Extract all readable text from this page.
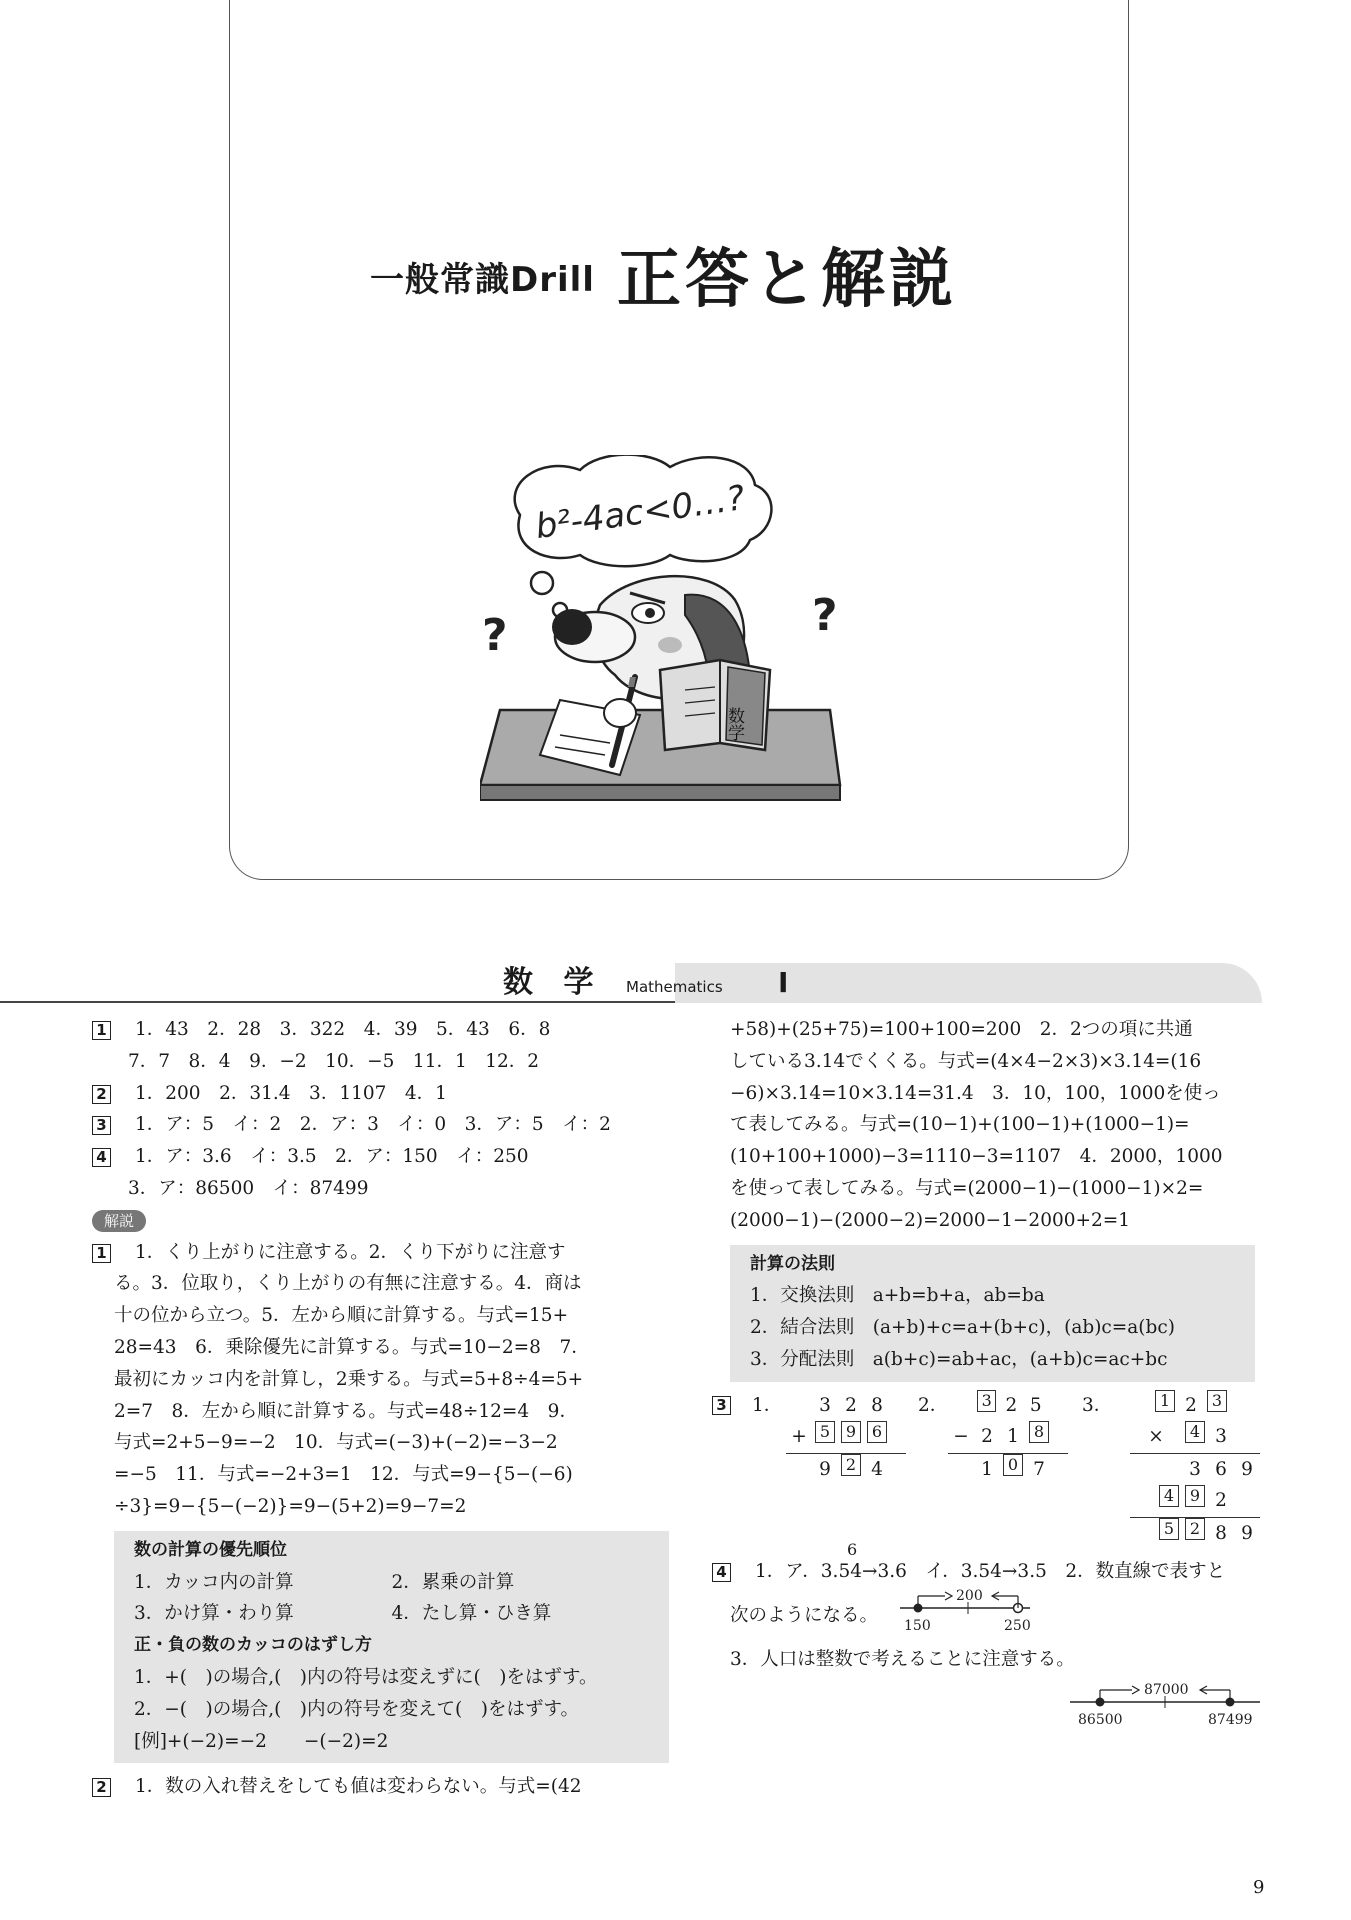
一般常識Drill 正答と解説
b²-4ac<0…?
数学
?	?
数 学 Mathematics Ⅰ
1 1．43　2．28　3．322　4．39　5．43　6．8
7．7　8．4　9．−2　10．−5　11．1　12．2
2 1．200　2．31.4　3．1107　4．1
3 1．ア：5　イ：2　2．ア：3　イ：0　3．ア：5　イ：2
4 1．ア：3.6　イ：3.5　2．ア：150　イ：250
3．ア：86500　イ：87499
解説
1 1．くり上がりに注意する。2．くり下がりに注意す
る。3．位取り，くり上がりの有無に注意する。4．商は
十の位から立つ。5．左から順に計算する。与式=15+
28=43　6．乗除優先に計算する。与式=10−2=8　7．
最初にカッコ内を計算し，2乗する。与式=5+8÷4=5+
2=7　8．左から順に計算する。与式=48÷12=4　9．
与式=2+5−9=−2　10．与式=(−3)+(−2)=−3−2
=−5　11．与式=−2+3=1　12．与式=9−{5−(−6)
÷3}=9−{5−(−2)}=9−(5+2)=9−7=2
数の計算の優先順位
1．カッコ内の計算	2．累乗の計算
3．かけ算・わり算	4．たし算・ひき算
正・負の数のカッコのはずし方
1．+(　)の場合,(　)内の符号は変えずに(　)をはずす。
2．−(　)の場合,(　)内の符号を変えて(　)をはずす。
[例]+(−2)=−2　　−(−2)=2
2 1．数の入れ替えをしても値は変わらない。与式=(42
+58)+(25+75)=100+100=200　2．2つの項に共通
している3.14でくくる。与式=(4×4−2×3)×3.14=(16
−6)×3.14=10×3.14=31.4　3．10，100，1000を使っ
て表してみる。与式=(10−1)+(100−1)+(1000−1)=
(10+100+1000)−3=1110−3=1107　4．2000，1000
を使って表してみる。与式=(2000−1)−(1000−1)×2=
(2000−1)−(2000−2)=2000−1−2000+2=1
計算の法則
1．交換法則　a+b=b+a，ab=ba
2．結合法則　(a+b)+c=a+(b+c)，(ab)c=a(bc)
3．分配法則　a(b+c)=ab+ac，(a+b)c=ac+bc
3 1．	3 2 8
+ 5 9 6
9 2 4
2．	3 2 5
− 2 1 8
1 0 7
3．	1 2 3
×	4 3
3 6 9
4 9 2
5 2 8 9
6
4 1．ア．3.54→3.6　イ．3.54→3.5　2．数直線で表すと
次のようになる。
200
150	250
3．人口は整数で考えることに注意する。
87000
86500	87499
9
